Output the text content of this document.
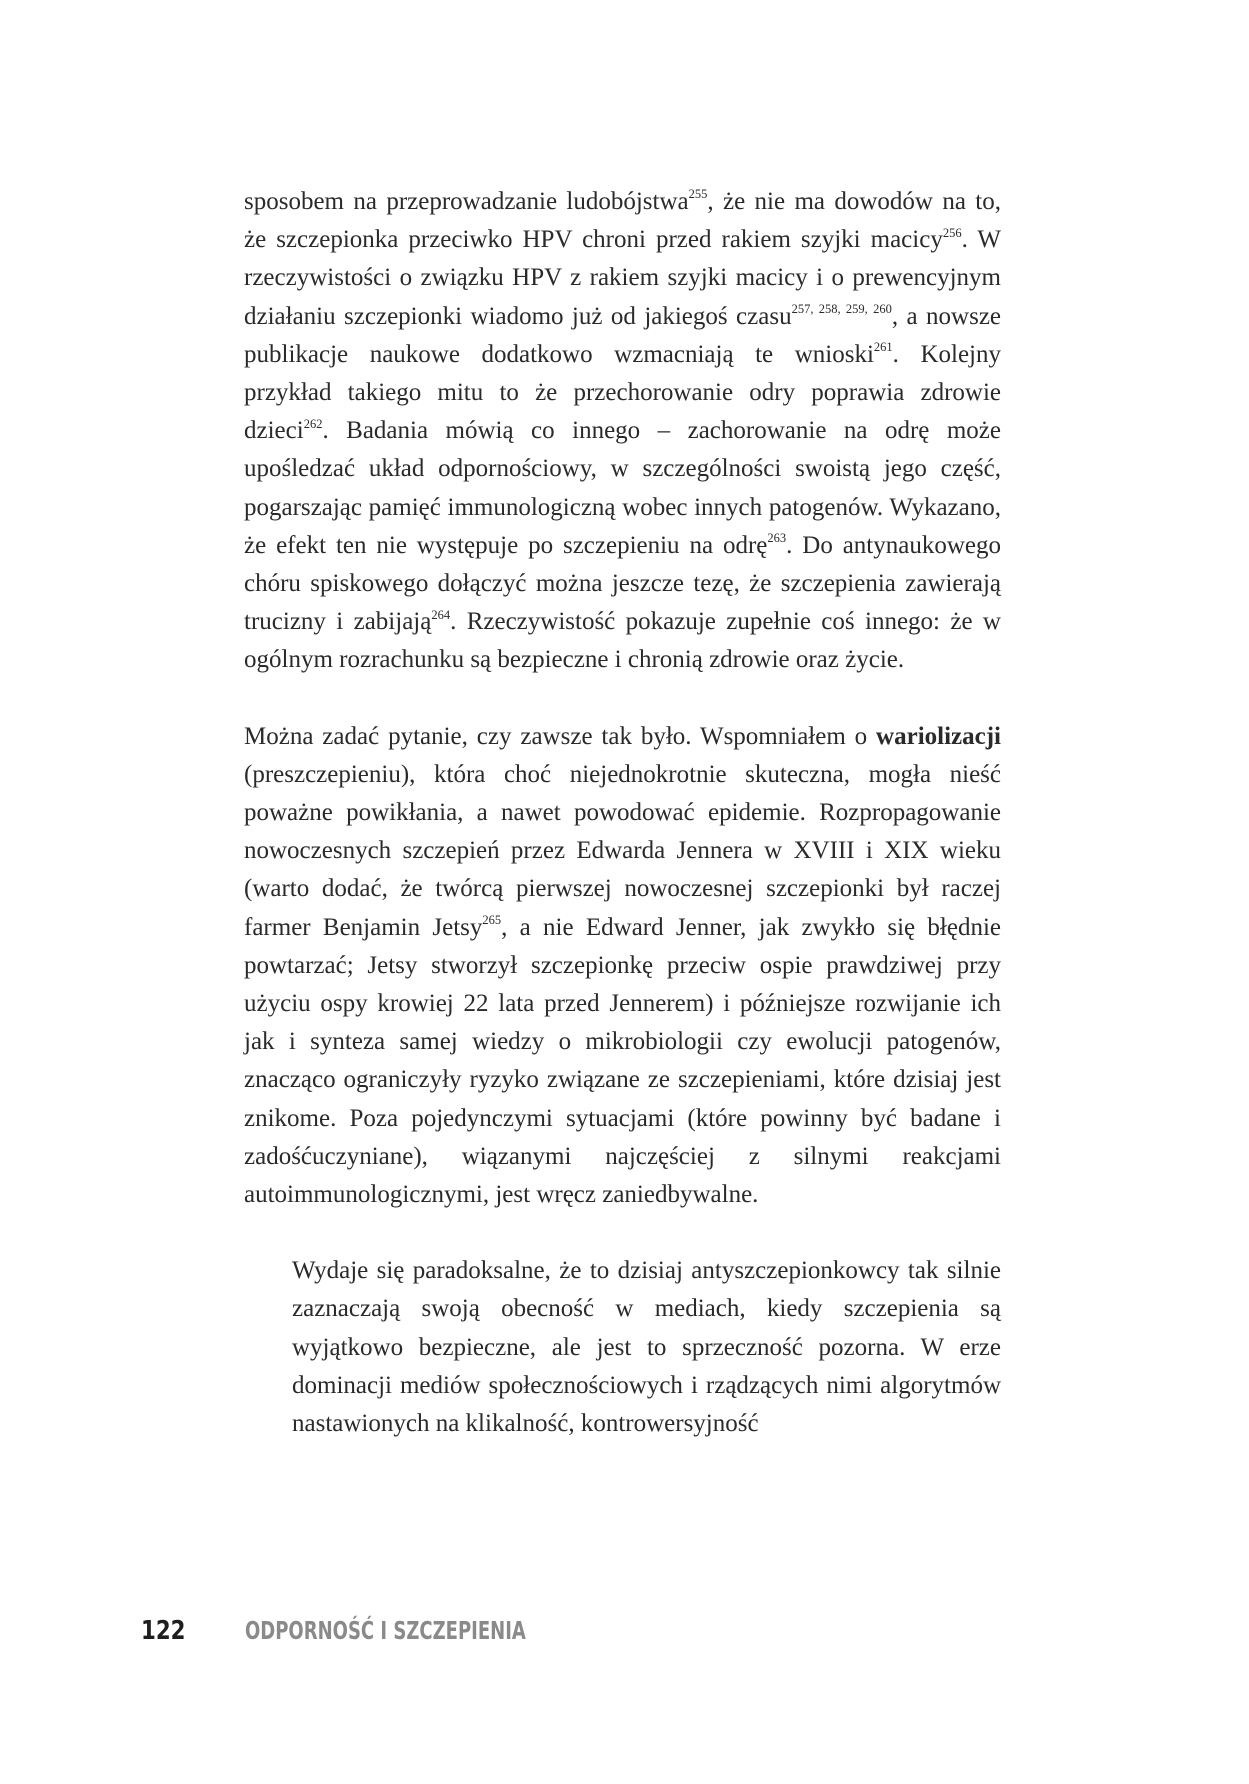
sposobem na przeprowadzanie ludobójstwa$^{255}$, że nie ma dowodów na to, że szczepionka przeciwko HPV chroni przed rakiem szyjki macicy$^{256}$. W rzeczywistości o związku HPV z rakiem szyjki macicy i o prewencyjnym działaniu szczepionki wiadomo już od jakiegoś czasu$^{257, 258, 259, 260}$, a nowsze publikacje naukowe dodatkowo wzmacniają te wnioski$^{261}$. Kolejny przykład takiego mitu to że przechorowanie odry poprawia zdrowie dzieci$^{262}$. Badania mówią co innego – zachorowanie na odrę może upośledzać układ odpornościowy, w szczególności swoistą jego część, pogarszając pamięć immunologiczną wobec innych patogenów. Wykazano, że efekt ten nie występuje po szczepieniu na odrę$^{263}$. Do antynaukowego chóru spiskowego dołączyć można jeszcze tezę, że szczepienia zawierają trucizny i zabijają$^{264}$. Rzeczywistość pokazuje zupełnie coś innego: że w ogólnym rozrachunku są bezpieczne i chronią zdrowie oraz życie.

Można zadać pytanie, czy zawsze tak było. Wspomniałem o wariolizacji (preszczepieniu), która choć niejednokrotnie skuteczna, mogła nieść poważne powikłania, a nawet powodować epidemie. Rozpropagowanie nowoczesnych szczepień przez Edwarda Jennera w XVIII i XIX wieku (warto dodać, że twórcą pierwszej nowoczesnej szczepionki był raczej farmer Benjamin Jetsy$^{265}$, a nie Edward Jenner, jak zwykło się błędnie powtarzać; Jetsy stworzył szczepionkę przeciw ospie prawdziwej przy użyciu ospy krowiej 22 lata przed Jennerem) i późniejsze rozwijanie ich jak i synteza samej wiedzy o mikrobiologii czy ewolucji patogenów, znacząco ograniczyły ryzyko związane ze szczepieniami, które dzisiaj jest znikome. Poza pojedynczymi sytuacjami (które powinny być badane i zadośćuczyniane), wiązanymi najczęściej z silnymi reakcjami autoimmunologicznymi, jest wręcz zaniedbywalne.

Wydaje się paradoksalne, że to dzisiaj antyszczepionkowcy tak silnie zaznaczają swoją obecność w mediach, kiedy szczepienia są wyjątkowo bezpieczne, ale jest to sprzeczność pozorna. W erze dominacji mediów społecznościowych i rządzących nimi algorytmów nastawionych na klikalność, kontrowersyjność

122 ODPORNOŚĆ I SZCZEPIENIA
